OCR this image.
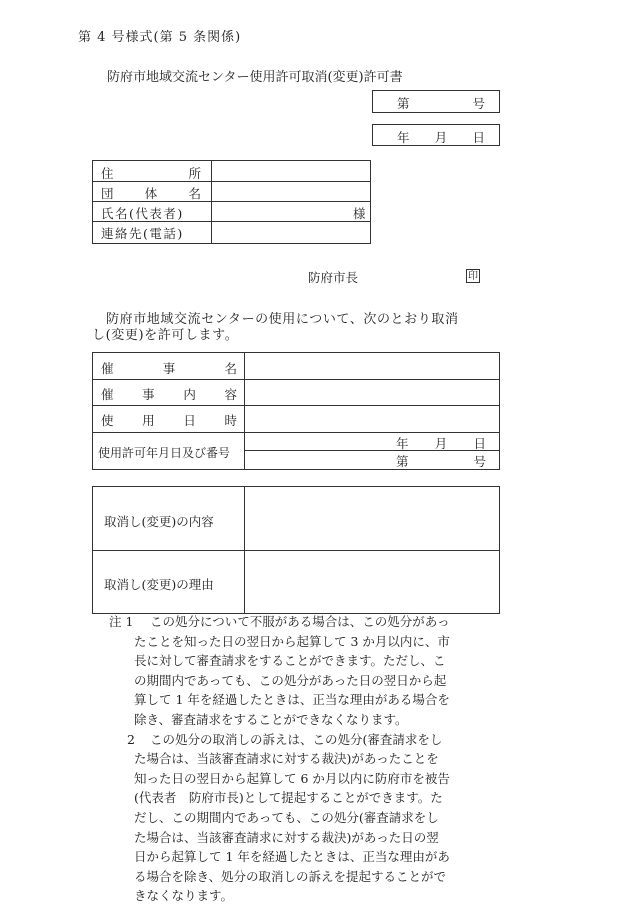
第 4 号様式(第 5 条関係)
防府市地域交流センター使用許可取消(変更)許可書
第	号
年 月 日
住	所
団 体 名
氏名(代表者)	様
連絡先(電話)
防府市長	印
防府市地域交流センターの使用について、次のとおり取消
し(変更)を許可します。
催	事	名
催 事 内 容
使 用 日 時
使用許可年月日及び番号
年 月 日
第	号
取消し(変更)の内容
取消し(変更)の理由
注 1 この処分について不服がある場合は、この処分があっ
たことを知った日の翌日から起算して 3 か月以内に、市
長に対して審査請求をすることができます。ただし、こ
の期間内であっても、この処分があった日の翌日から起
算して 1 年を経過したときは、正当な理由がある場合を
除き、審査請求をすることができなくなります。
2 この処分の取消しの訴えは、この処分(審査請求をし
た場合は、当該審査請求に対する裁決)があったことを
知った日の翌日から起算して 6 か月以内に防府市を被告
(代表者　防府市長)として提起することができます。た
だし、この期間内であっても、この処分(審査請求をし
た場合は、当該審査請求に対する裁決)があった日の翌
日から起算して 1 年を経過したときは、正当な理由があ
る場合を除き、処分の取消しの訴えを提起することがで
きなくなります。
